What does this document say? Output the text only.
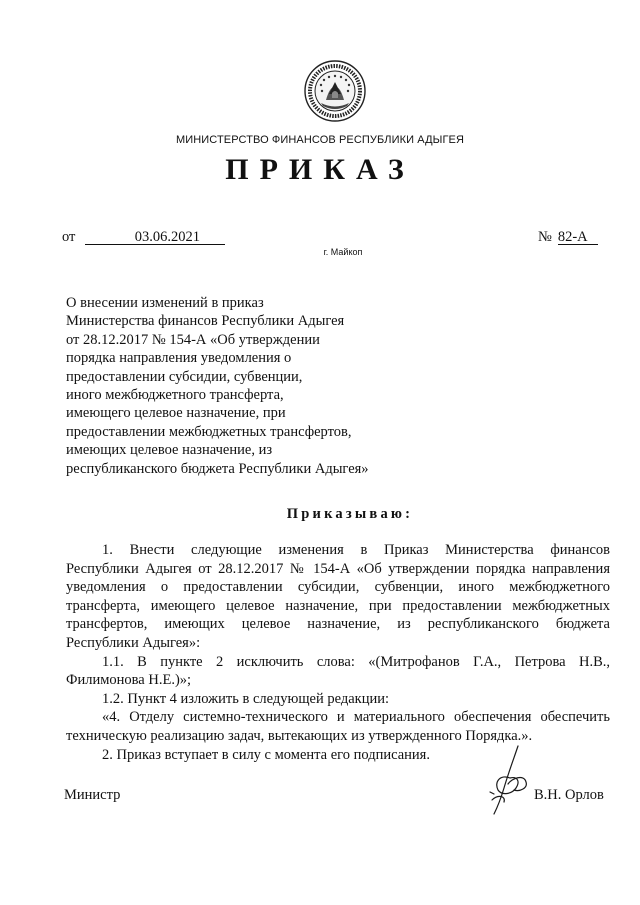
МИНИСТЕРСТВО ФИНАНСОВ РЕСПУБЛИКИ АДЫГЕЯ
ПРИКАЗ
от	03.06.2021	№ 82-А
г. Майкоп
О внесении изменений в приказ
Министерства финансов Республики Адыгея
от 28.12.2017 № 154-А «Об утверждении
порядка направления уведомления о
предоставлении субсидии, субвенции,
иного межбюджетного трансферта,
имеющего целевое назначение, при
предоставлении межбюджетных трансфертов,
имеющих целевое назначение, из
республиканского бюджета Республики Адыгея»
Приказываю:
1. Внести следующие изменения в Приказ Министерства финансов
Республики Адыгея от 28.12.2017 № 154-А «Об утверждении порядка направления
уведомления о предоставлении субсидии, субвенции, иного межбюджетного
трансферта, имеющего целевое назначение, при предоставлении межбюджетных
трансфертов, имеющих целевое назначение, из республиканского бюджета
Республики Адыгея»:
1.1. В пункте 2 исключить слова: «(Митрофанов Г.А., Петрова Н.В.,
Филимонова Н.Е.)»;
1.2. Пункт 4 изложить в следующей редакции:
«4. Отделу системно-технического и материального обеспечения обеспечить
техническую реализацию задач, вытекающих из утвержденного Порядка.».
2. Приказ вступает в силу с момента его подписания.
Министр	В.Н. Орлов
